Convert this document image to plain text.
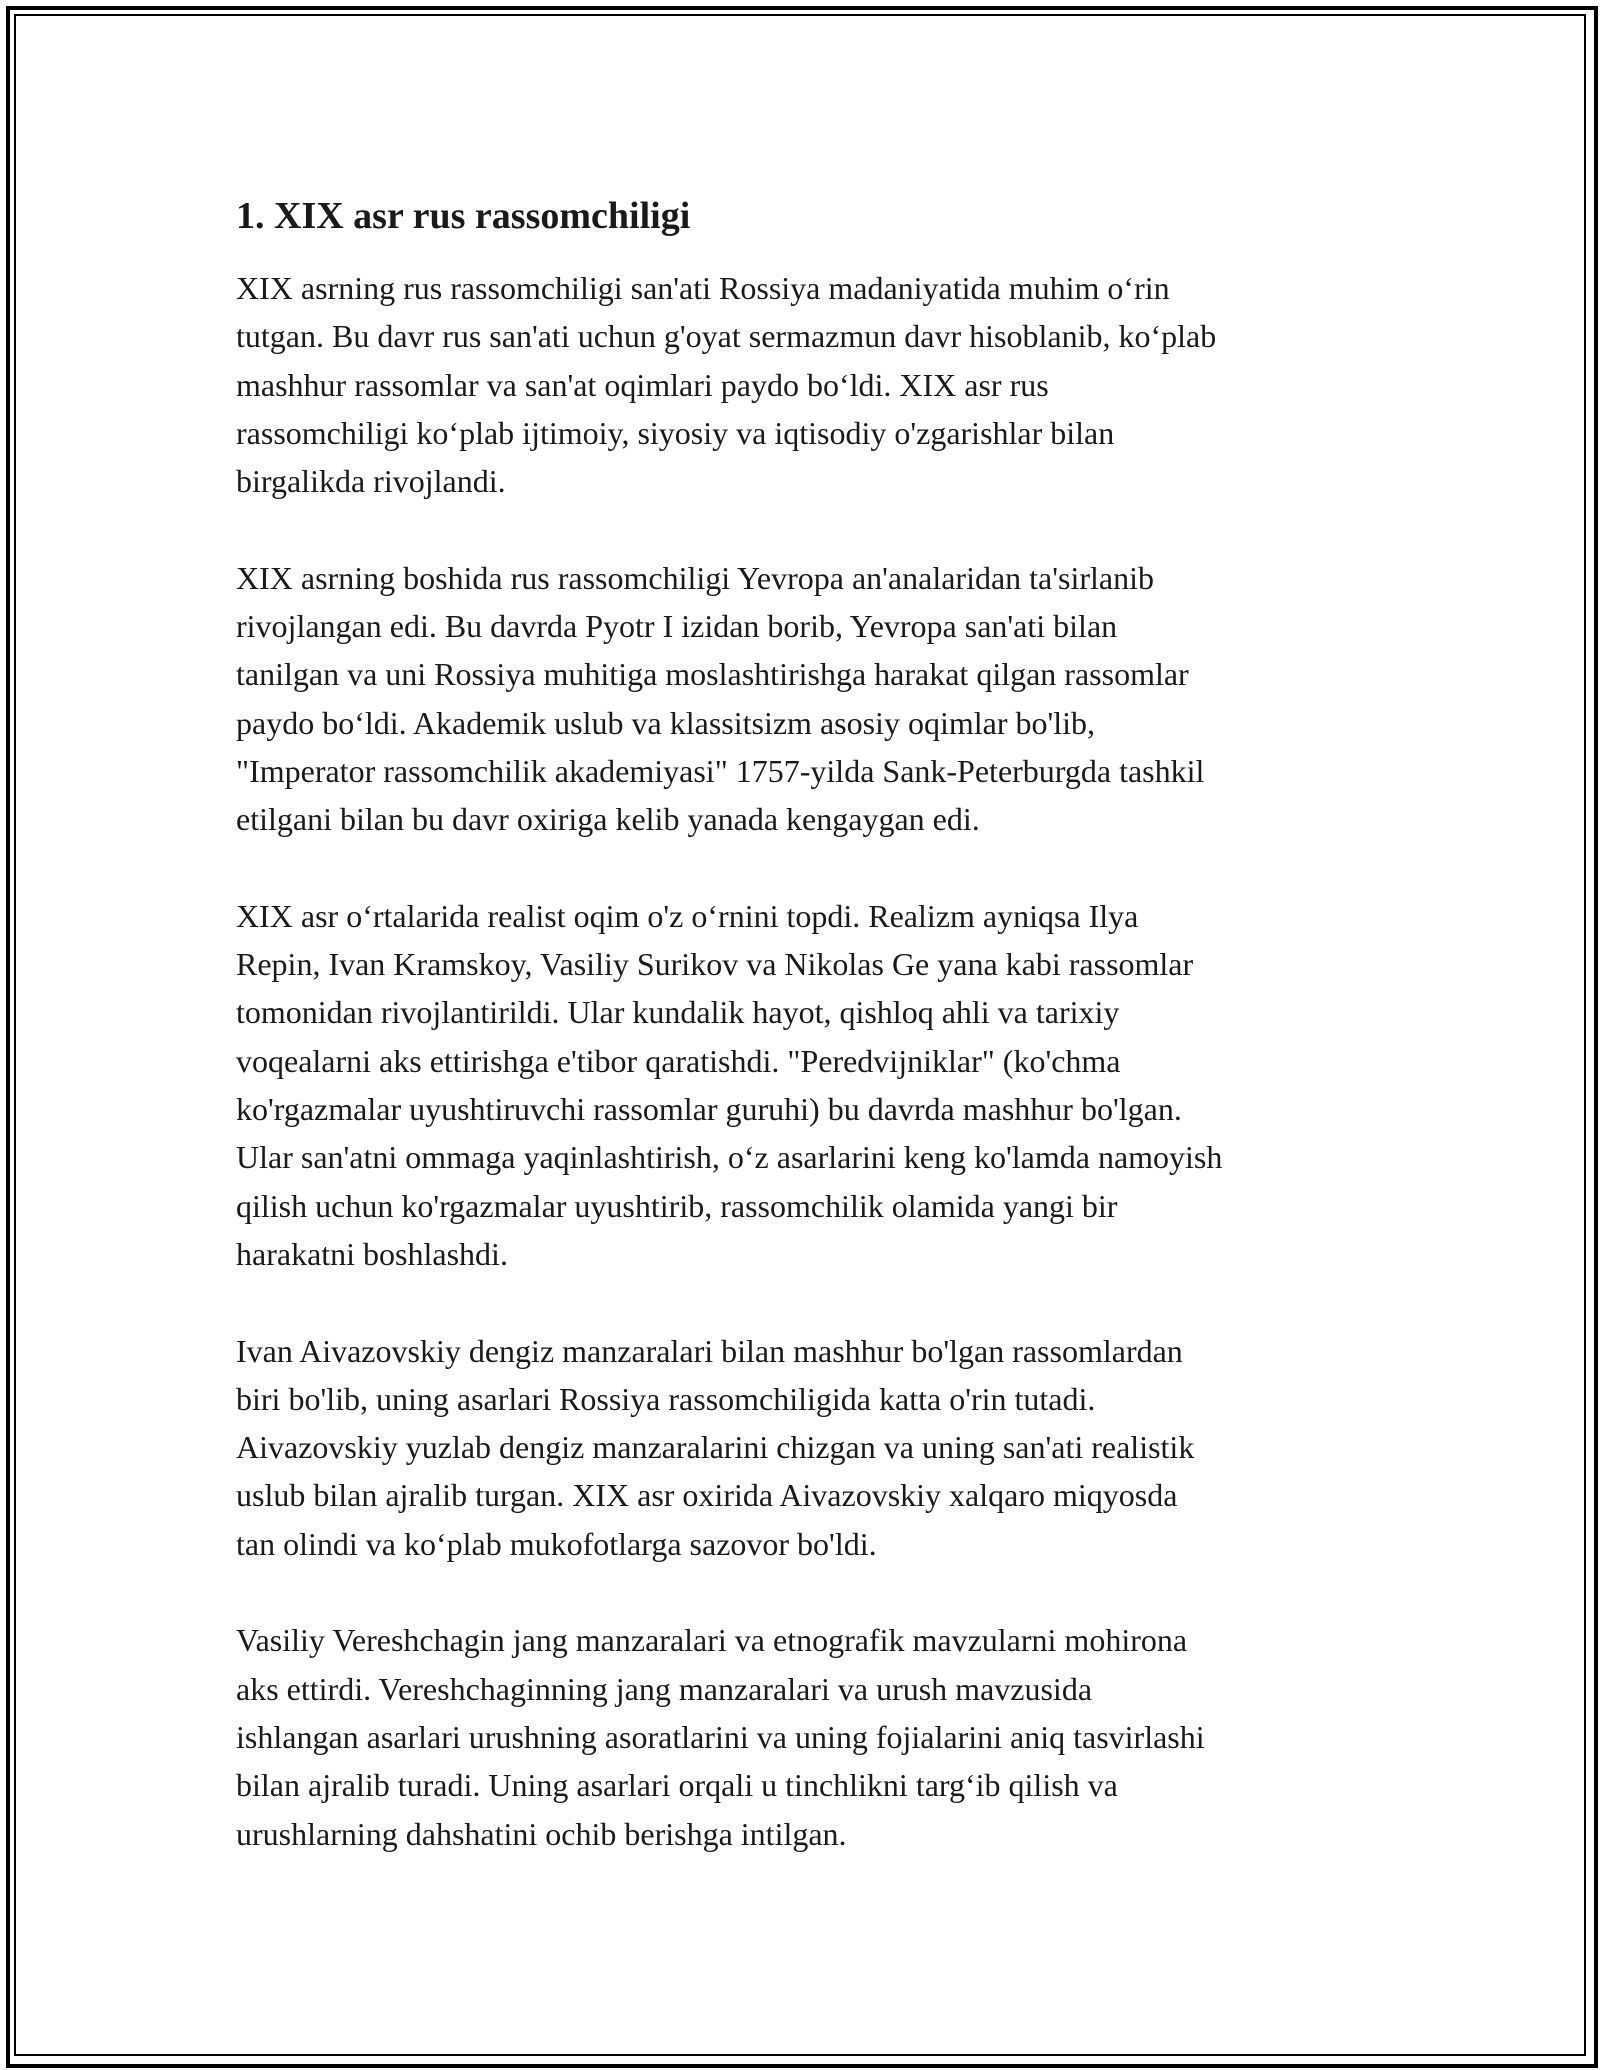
1. XIX asr rus rassomchiligi
XIX asrning rus rassomchiligi san'ati Rossiya madaniyatida muhim oʻrin
tutgan. Bu davr rus san'ati uchun g'oyat sermazmun davr hisoblanib, koʻplab
mashhur rassomlar va san'at oqimlari paydo boʻldi. XIX asr rus
rassomchiligi koʻplab ijtimoiy, siyosiy va iqtisodiy o'zgarishlar bilan
birgalikda rivojlandi.
XIX asrning boshida rus rassomchiligi Yevropa an'analaridan ta'sirlanib
rivojlangan edi. Bu davrda Pyotr I izidan borib, Yevropa san'ati bilan
tanilgan va uni Rossiya muhitiga moslashtirishga harakat qilgan rassomlar
paydo boʻldi. Akademik uslub va klassitsizm asosiy oqimlar bo'lib,
"Imperator rassomchilik akademiyasi" 1757-yilda Sank-Peterburgda tashkil
etilgani bilan bu davr oxiriga kelib yanada kengaygan edi.
XIX asr oʻrtalarida realist oqim o'z oʻrnini topdi. Realizm ayniqsa Ilya
Repin, Ivan Kramskoy, Vasiliy Surikov va Nikolas Ge yana kabi rassomlar
tomonidan rivojlantirildi. Ular kundalik hayot, qishloq ahli va tarixiy
voqealarni aks ettirishga e'tibor qaratishdi. "Peredvijniklar" (ko'chma
ko'rgazmalar uyushtiruvchi rassomlar guruhi) bu davrda mashhur bo'lgan.
Ular san'atni ommaga yaqinlashtirish, oʻz asarlarini keng ko'lamda namoyish
qilish uchun ko'rgazmalar uyushtirib, rassomchilik olamida yangi bir
harakatni boshlashdi.
Ivan Aivazovskiy dengiz manzaralari bilan mashhur bo'lgan rassomlardan
biri bo'lib, uning asarlari Rossiya rassomchiligida katta o'rin tutadi.
Aivazovskiy yuzlab dengiz manzaralarini chizgan va uning san'ati realistik
uslub bilan ajralib turgan. XIX asr oxirida Aivazovskiy xalqaro miqyosda
tan olindi va koʻplab mukofotlarga sazovor bo'ldi.
Vasiliy Vereshchagin jang manzaralari va etnografik mavzularni mohirona
aks ettirdi. Vereshchaginning jang manzaralari va urush mavzusida
ishlangan asarlari urushning asoratlarini va uning fojialarini aniq tasvirlashi
bilan ajralib turadi. Uning asarlari orqali u tinchlikni targʻib qilish va
urushlarning dahshatini ochib berishga intilgan.
